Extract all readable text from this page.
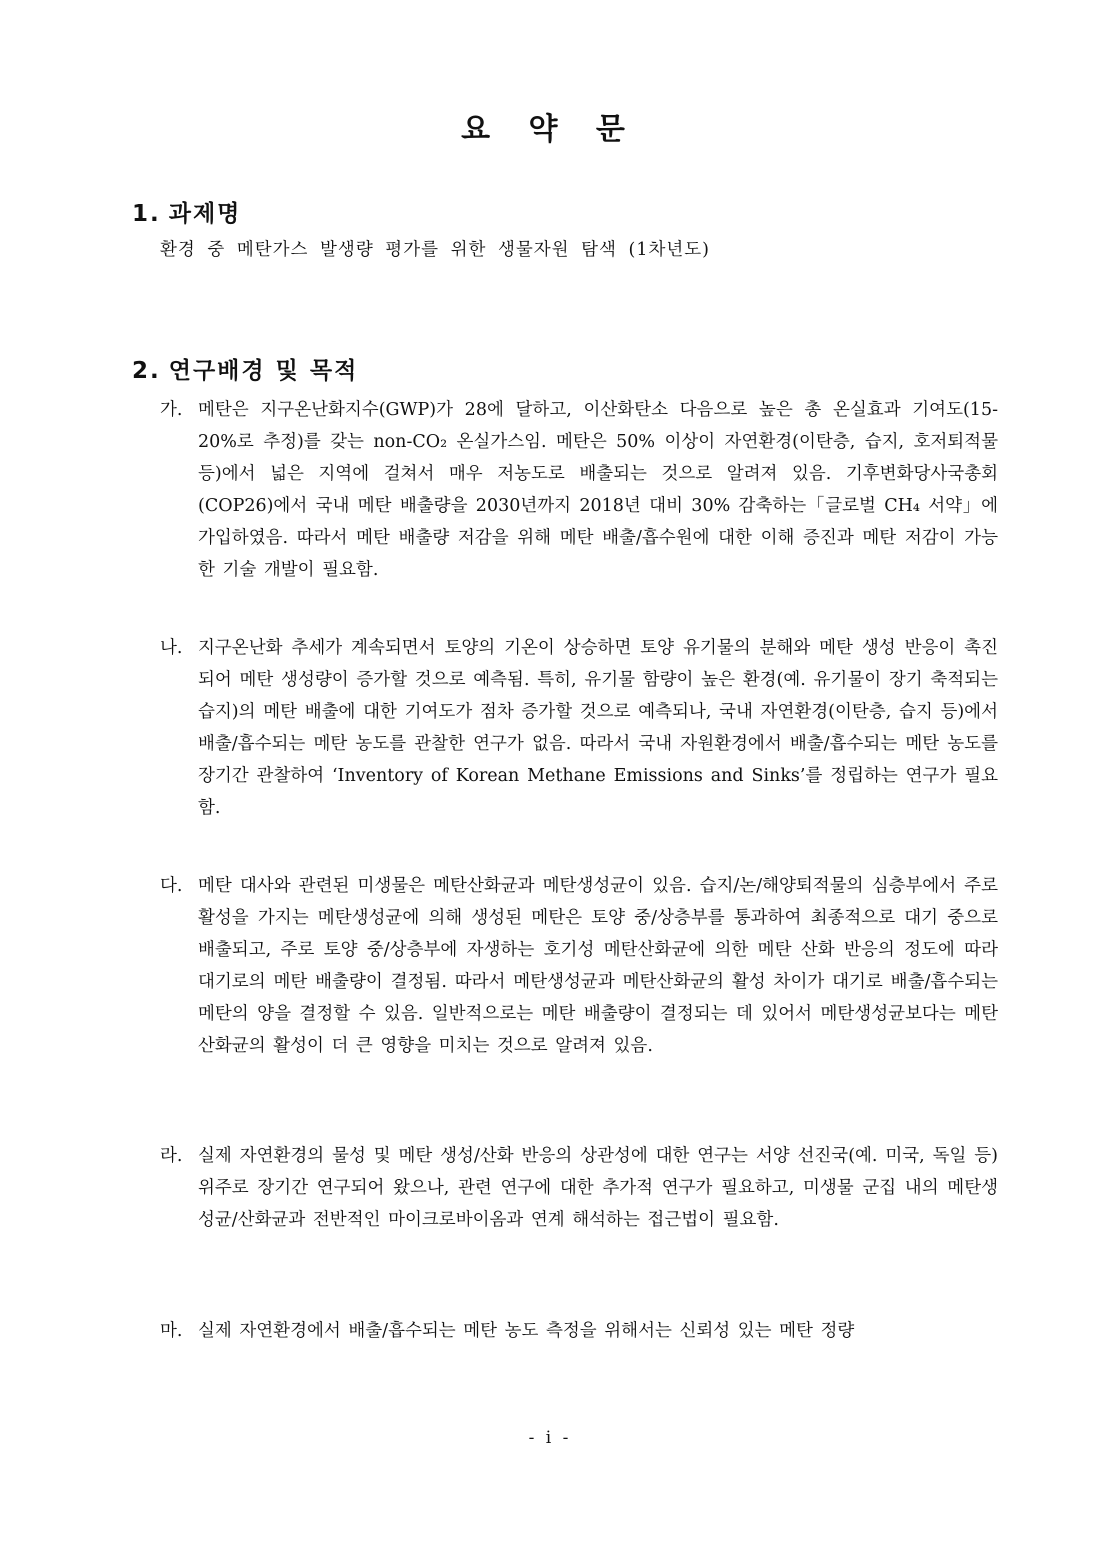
요 약 문
1. 과제명

환경 중 메탄가스 발생량 평가를 위한 생물자원 탐색 (1차년도)

2. 연구배경 및 목적
가. 메탄은 지구온난화지수(GWP)가 28에 달하고, 이산화탄소 다음으로 높은 총 온실효과 기여도(15-20%로 추정)를 갖는 non-CO₂ 온실가스임. 메탄은 50% 이상이 자연환경(이탄층, 습지, 호저퇴적물 등)에서 넓은 지역에 걸쳐서 매우 저농도로 배출되는 것으로 알려져 있음. 기후변화당사국총회(COP26)에서 국내 메탄 배출량을 2030년까지 2018년 대비 30% 감축하는「글로벌 CH₄ 서약」에 가입하였음. 따라서 메탄 배출량 저감을 위해 메탄 배출/흡수원에 대한 이해 증진과 메탄 저감이 가능한 기술 개발이 필요함.
나. 지구온난화 추세가 계속되면서 토양의 기온이 상승하면 토양 유기물의 분해와 메탄 생성 반응이 촉진되어 메탄 생성량이 증가할 것으로 예측됨. 특히, 유기물 함량이 높은 환경(예. 유기물이 장기 축적되는 습지)의 메탄 배출에 대한 기여도가 점차 증가할 것으로 예측되나, 국내 자연환경(이탄층, 습지 등)에서 배출/흡수되는 메탄 농도를 관찰한 연구가 없음. 따라서 국내 자원환경에서 배출/흡수되는 메탄 농도를 장기간 관찰하여 ‘Inventory of Korean Methane Emissions and Sinks’를 정립하는 연구가 필요함.
다. 메탄 대사와 관련된 미생물은 메탄산화균과 메탄생성균이 있음. 습지/논/해양퇴적물의 심층부에서 주로 활성을 가지는 메탄생성균에 의해 생성된 메탄은 토양 중/상층부를 통과하여 최종적으로 대기 중으로 배출되고, 주로 토양 중/상층부에 자생하는 호기성 메탄산화균에 의한 메탄 산화 반응의 정도에 따라 대기로의 메탄 배출량이 결정됨. 따라서 메탄생성균과 메탄산화균의 활성 차이가 대기로 배출/흡수되는 메탄의 양을 결정할 수 있음. 일반적으로는 메탄 배출량이 결정되는 데 있어서 메탄생성균보다는 메탄산화균의 활성이 더 큰 영향을 미치는 것으로 알려져 있음.
라. 실제 자연환경의 물성 및 메탄 생성/산화 반응의 상관성에 대한 연구는 서양 선진국(예. 미국, 독일 등) 위주로 장기간 연구되어 왔으나, 관련 연구에 대한 추가적 연구가 필요하고, 미생물 군집 내의 메탄생성균/산화균과 전반적인 마이크로바이옴과 연계 해석하는 접근법이 필요함.
마. 실제 자연환경에서 배출/흡수되는 메탄 농도 측정을 위해서는 신뢰성 있는 메탄 정량

- i -
